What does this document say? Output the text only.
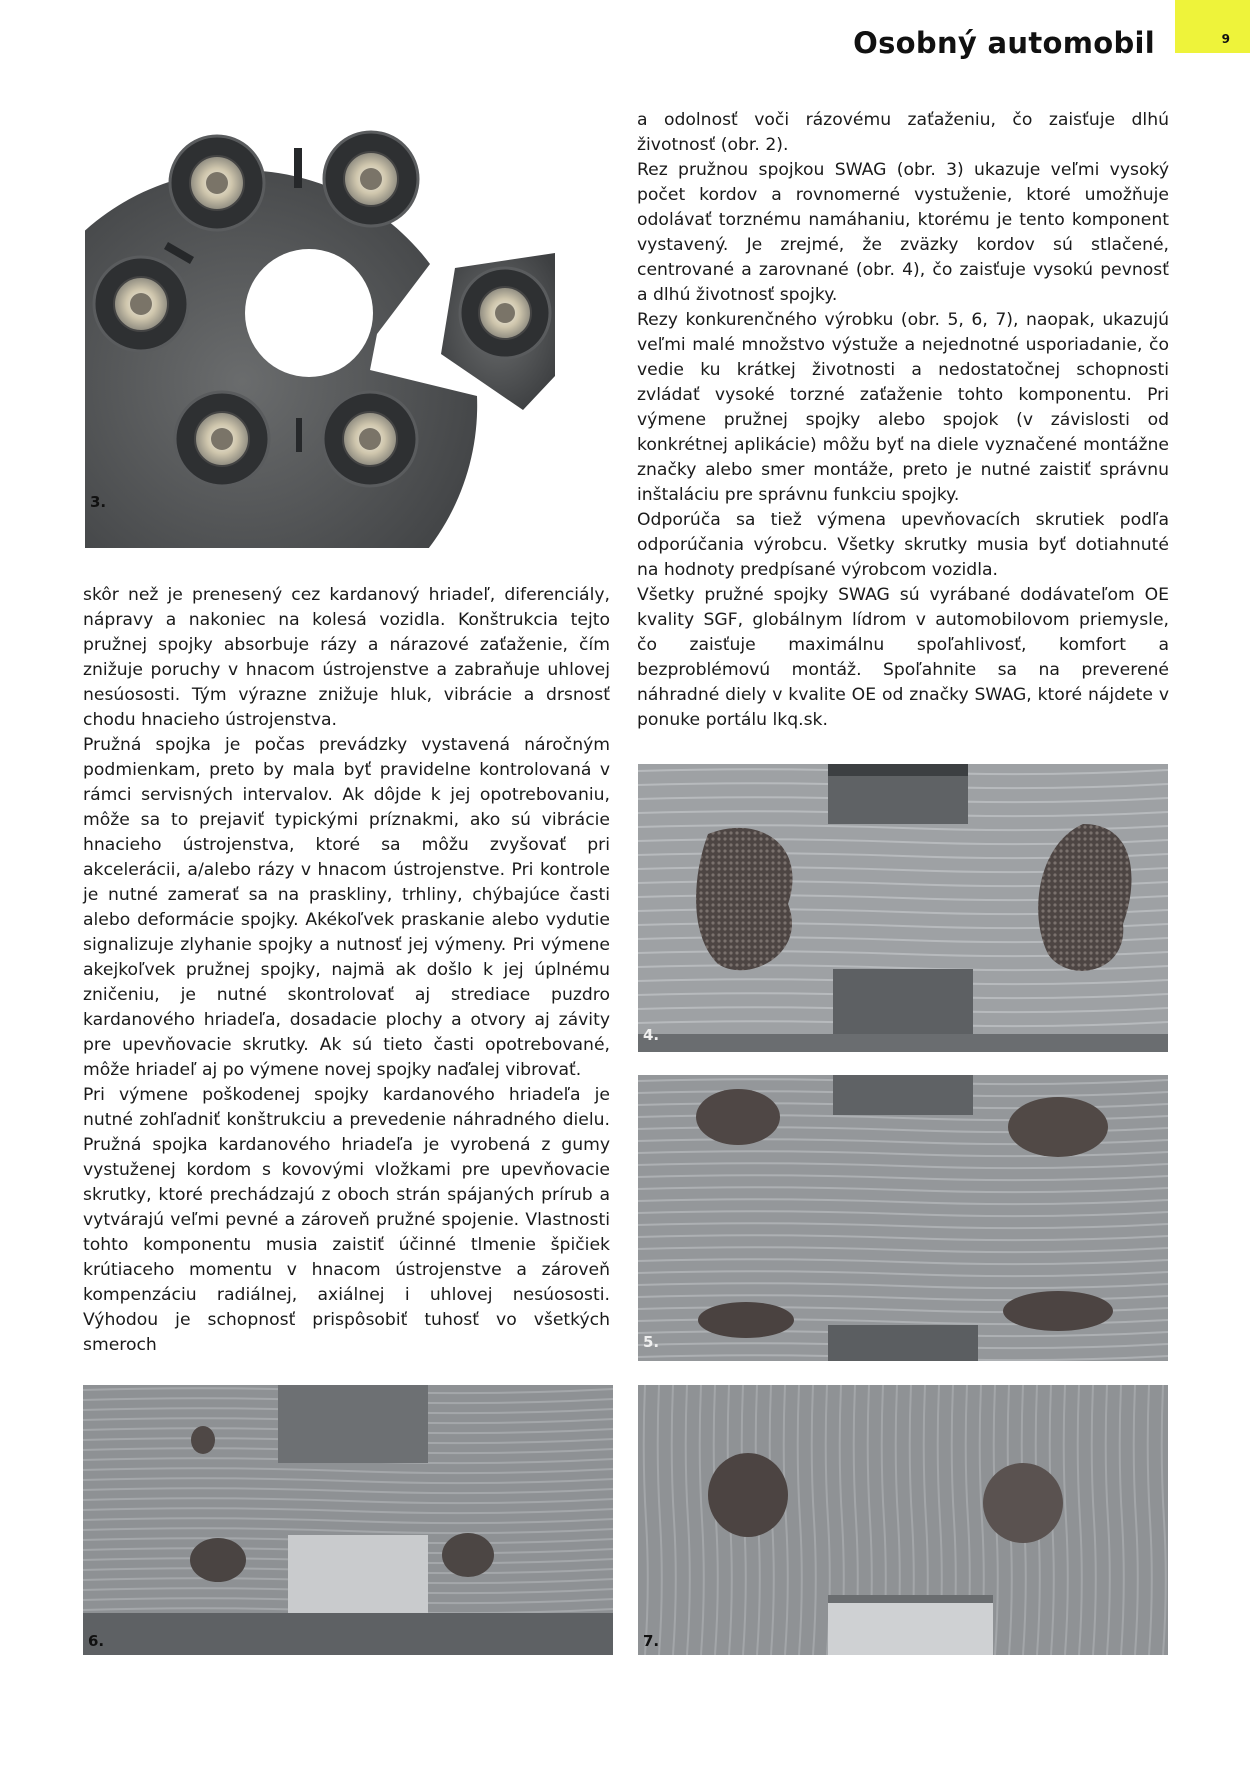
Osobný automobil	9
3.

skôr než je prenesený cez kardanový hriadeľ, diferenciály, nápravy a nakoniec na kolesá vozidla. Konštrukcia tejto pružnej spojky absorbuje rázy a nárazové zaťaženie, čím znižuje poruchy v hnacom ústrojenstve a zabraňuje uhlovej nesúososti. Tým výrazne znižuje hluk, vibrácie a drsnosť chodu hnacieho ústrojenstva.

Pružná spojka je počas prevádzky vystavená náročným podmienkam, preto by mala byť pravidelne kontrolovaná v rámci servisných intervalov. Ak dôjde k jej opotrebovaniu, môže sa to prejaviť typickými príznakmi, ako sú vibrácie hnacieho ústrojenstva, ktoré sa môžu zvyšovať pri akcelerácii, a/alebo rázy v hnacom ústrojenstve. Pri kontrole je nutné zamerať sa na praskliny, trhliny, chýbajúce časti alebo deformácie spojky. Akékoľvek praskanie alebo vydutie signalizuje zlyhanie spojky a nutnosť jej výmeny. Pri výmene akejkoľvek pružnej spojky, najmä ak došlo k jej úplnému zničeniu, je nutné skontrolovať aj strediace puzdro kardanového hriadeľa, dosadacie plochy a otvory aj závity pre upevňovacie skrutky. Ak sú tieto časti opotrebované, môže hriadeľ aj po výmene novej spojky naďalej vibrovať.

Pri výmene poškodenej spojky kardanového hriadeľa je nutné zohľadniť konštrukciu a prevedenie náhradného dielu. Pružná spojka kardanového hriadeľa je vyrobená z gumy vystuženej kordom s kovovými vložkami pre upevňovacie skrutky, ktoré prechádzajú z oboch strán spájaných prírub a vytvárajú veľmi pevné a zároveň pružné spojenie. Vlastnosti tohto komponentu musia zaistiť účinné tlmenie špičiek krútiaceho momentu v hnacom ústrojenstve a zároveň kompenzáciu radiálnej, axiálnej i uhlovej nesúososti. Výhodou je schopnosť prispôsobiť tuhosť vo všetkých smeroch

a odolnosť voči rázovému zaťaženiu, čo zaisťuje dlhú životnosť (obr. 2).

Rez pružnou spojkou SWAG (obr. 3) ukazuje veľmi vysoký počet kordov a rovnomerné vystuženie, ktoré umožňuje odolávať torznému namáhaniu, ktorému je tento komponent vystavený. Je zrejmé, že zväzky kordov sú stlačené, centrované a zarovnané (obr. 4), čo zaisťuje vysokú pevnosť a dlhú životnosť spojky.

Rezy konkurenčného výrobku (obr. 5, 6, 7), naopak, ukazujú veľmi malé množstvo výstuže a nejednotné usporiadanie, čo vedie ku krátkej životnosti a nedostatočnej schopnosti zvládať vysoké torzné zaťaženie tohto komponentu. Pri výmene pružnej spojky alebo spojok (v závislosti od konkrétnej aplikácie) môžu byť na diele vyznačené montážne značky alebo smer montáže, preto je nutné zaistiť správnu inštaláciu pre správnu funkciu spojky.

Odporúča sa tiež výmena upevňovacích skrutiek podľa odporúčania výrobcu. Všetky skrutky musia byť dotiahnuté na hodnoty predpísané výrobcom vozidla.

Všetky pružné spojky SWAG sú vyrábané dodávateľom OE kvality SGF, globálnym lídrom v automobilovom priemysle, čo zaisťuje maximálnu spoľahlivosť, komfort a bezproblémovú montáž. Spoľahnite sa na preverené náhradné diely v kvalite OE od značky SWAG, ktoré nájdete v ponuke portálu lkq.sk.

4.
5.
6.	7.
